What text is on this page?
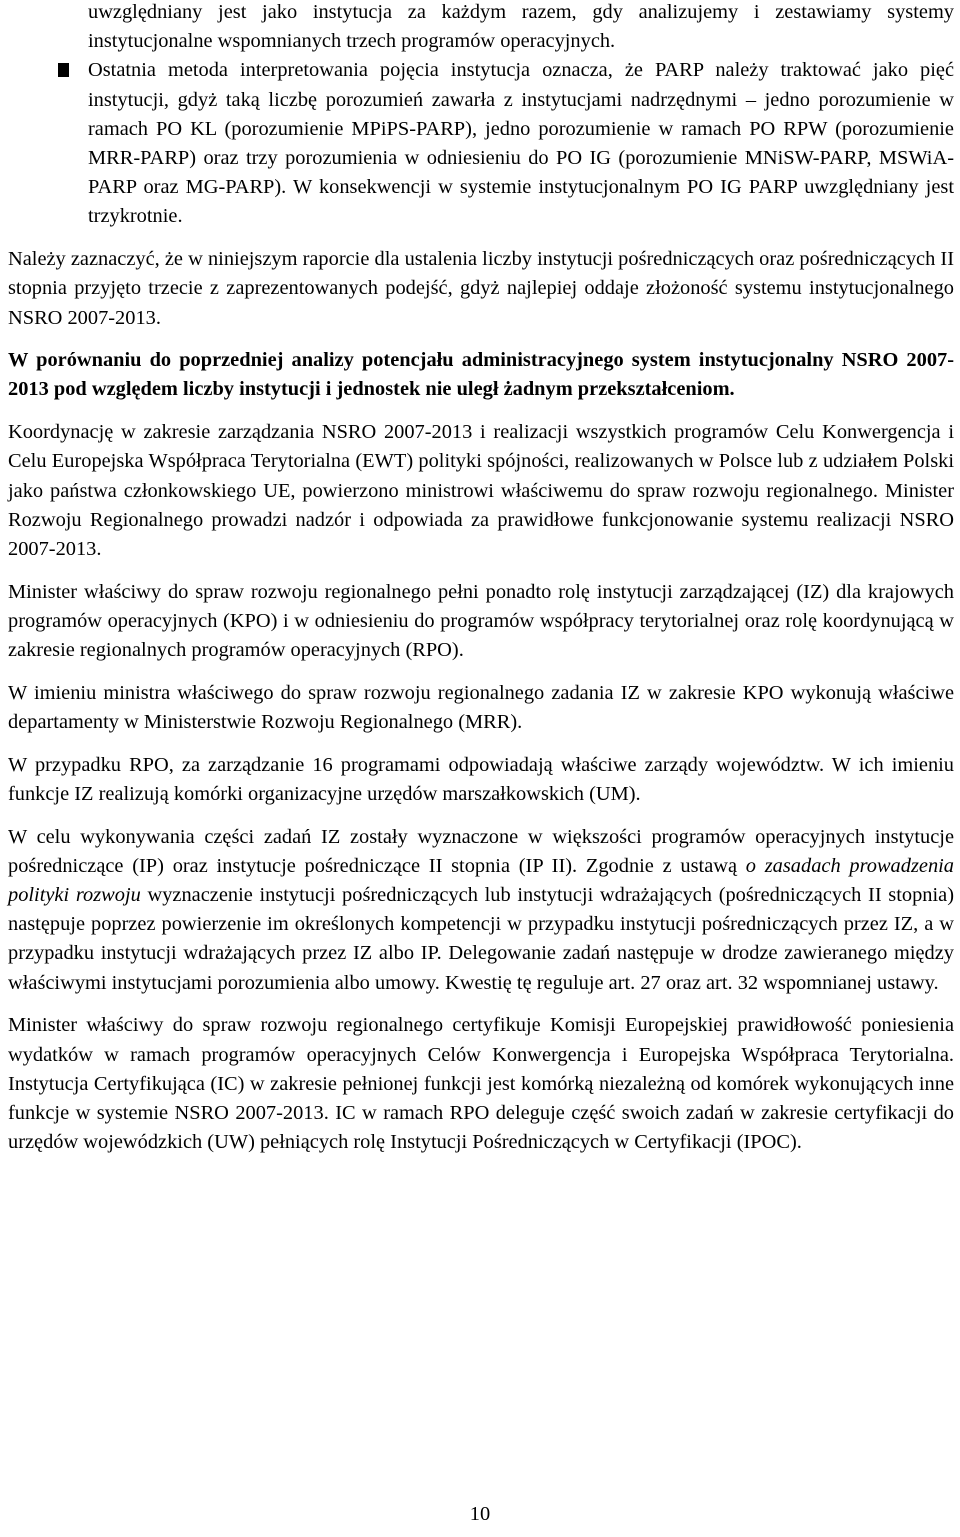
uwzględniany jest jako instytucja za każdym razem, gdy analizujemy i zestawiamy systemy instytucjonalne wspomnianych trzech programów operacyjnych.

Ostatnia metoda interpretowania pojęcia instytucja oznacza, że PARP należy traktować jako pięć instytucji, gdyż taką liczbę porozumień zawarła z instytucjami nadrzędnymi – jedno porozumienie w ramach PO KL (porozumienie MPiPS-PARP), jedno porozumienie w ramach PO RPW (porozumienie MRR-PARP) oraz trzy porozumienia w odniesieniu do PO IG (porozumienie MNiSW-PARP, MSWiA-PARP oraz MG-PARP). W konsekwencji w systemie instytucjonalnym PO IG PARP uwzględniany jest trzykrotnie.

Należy zaznaczyć, że w niniejszym raporcie dla ustalenia liczby instytucji pośredniczących oraz pośredniczących II stopnia przyjęto trzecie z zaprezentowanych podejść, gdyż najlepiej oddaje złożoność systemu instytucjonalnego NSRO 2007-2013.

W porównaniu do poprzedniej analizy potencjału administracyjnego system instytucjonalny NSRO 2007-2013 pod względem liczby instytucji i jednostek nie uległ żadnym przekształceniom.

Koordynację w zakresie zarządzania NSRO 2007-2013 i realizacji wszystkich programów Celu Konwergencja i Celu Europejska Współpraca Terytorialna (EWT) polityki spójności, realizowanych w Polsce lub z udziałem Polski jako państwa członkowskiego UE, powierzono ministrowi właściwemu do spraw rozwoju regionalnego. Minister Rozwoju Regionalnego prowadzi nadzór i odpowiada za prawidłowe funkcjonowanie systemu realizacji NSRO 2007-2013.

Minister właściwy do spraw rozwoju regionalnego pełni ponadto rolę instytucji zarządzającej (IZ) dla krajowych programów operacyjnych (KPO) i w odniesieniu do programów współpracy terytorialnej oraz rolę koordynującą w zakresie regionalnych programów operacyjnych (RPO).

W imieniu ministra właściwego do spraw rozwoju regionalnego zadania IZ w zakresie KPO wykonują właściwe departamenty w Ministerstwie Rozwoju Regionalnego (MRR).

W przypadku RPO, za zarządzanie 16 programami odpowiadają właściwe zarządy województw. W ich imieniu funkcje IZ realizują komórki organizacyjne urzędów marszałkowskich (UM).

W celu wykonywania części zadań IZ zostały wyznaczone w większości programów operacyjnych instytucje pośredniczące (IP) oraz instytucje pośredniczące II stopnia (IP II). Zgodnie z ustawą o zasadach prowadzenia polityki rozwoju wyznaczenie instytucji pośredniczących lub instytucji wdrażających (pośredniczących II stopnia) następuje poprzez powierzenie im określonych kompetencji w przypadku instytucji pośredniczących przez IZ, a w przypadku instytucji wdrażających przez IZ albo IP. Delegowanie zadań następuje w drodze zawieranego między właściwymi instytucjami porozumienia albo umowy. Kwestię tę reguluje art. 27 oraz art. 32 wspomnianej ustawy.

Minister właściwy do spraw rozwoju regionalnego certyfikuje Komisji Europejskiej prawidłowość poniesienia wydatków w ramach programów operacyjnych Celów Konwergencja i Europejska Współpraca Terytorialna. Instytucja Certyfikująca (IC) w zakresie pełnionej funkcji jest komórką niezależną od komórek wykonujących inne funkcje w systemie NSRO 2007-2013. IC w ramach RPO deleguje część swoich zadań w zakresie certyfikacji do urzędów wojewódzkich (UW) pełniących rolę Instytucji Pośredniczących w Certyfikacji (IPOC).

10
